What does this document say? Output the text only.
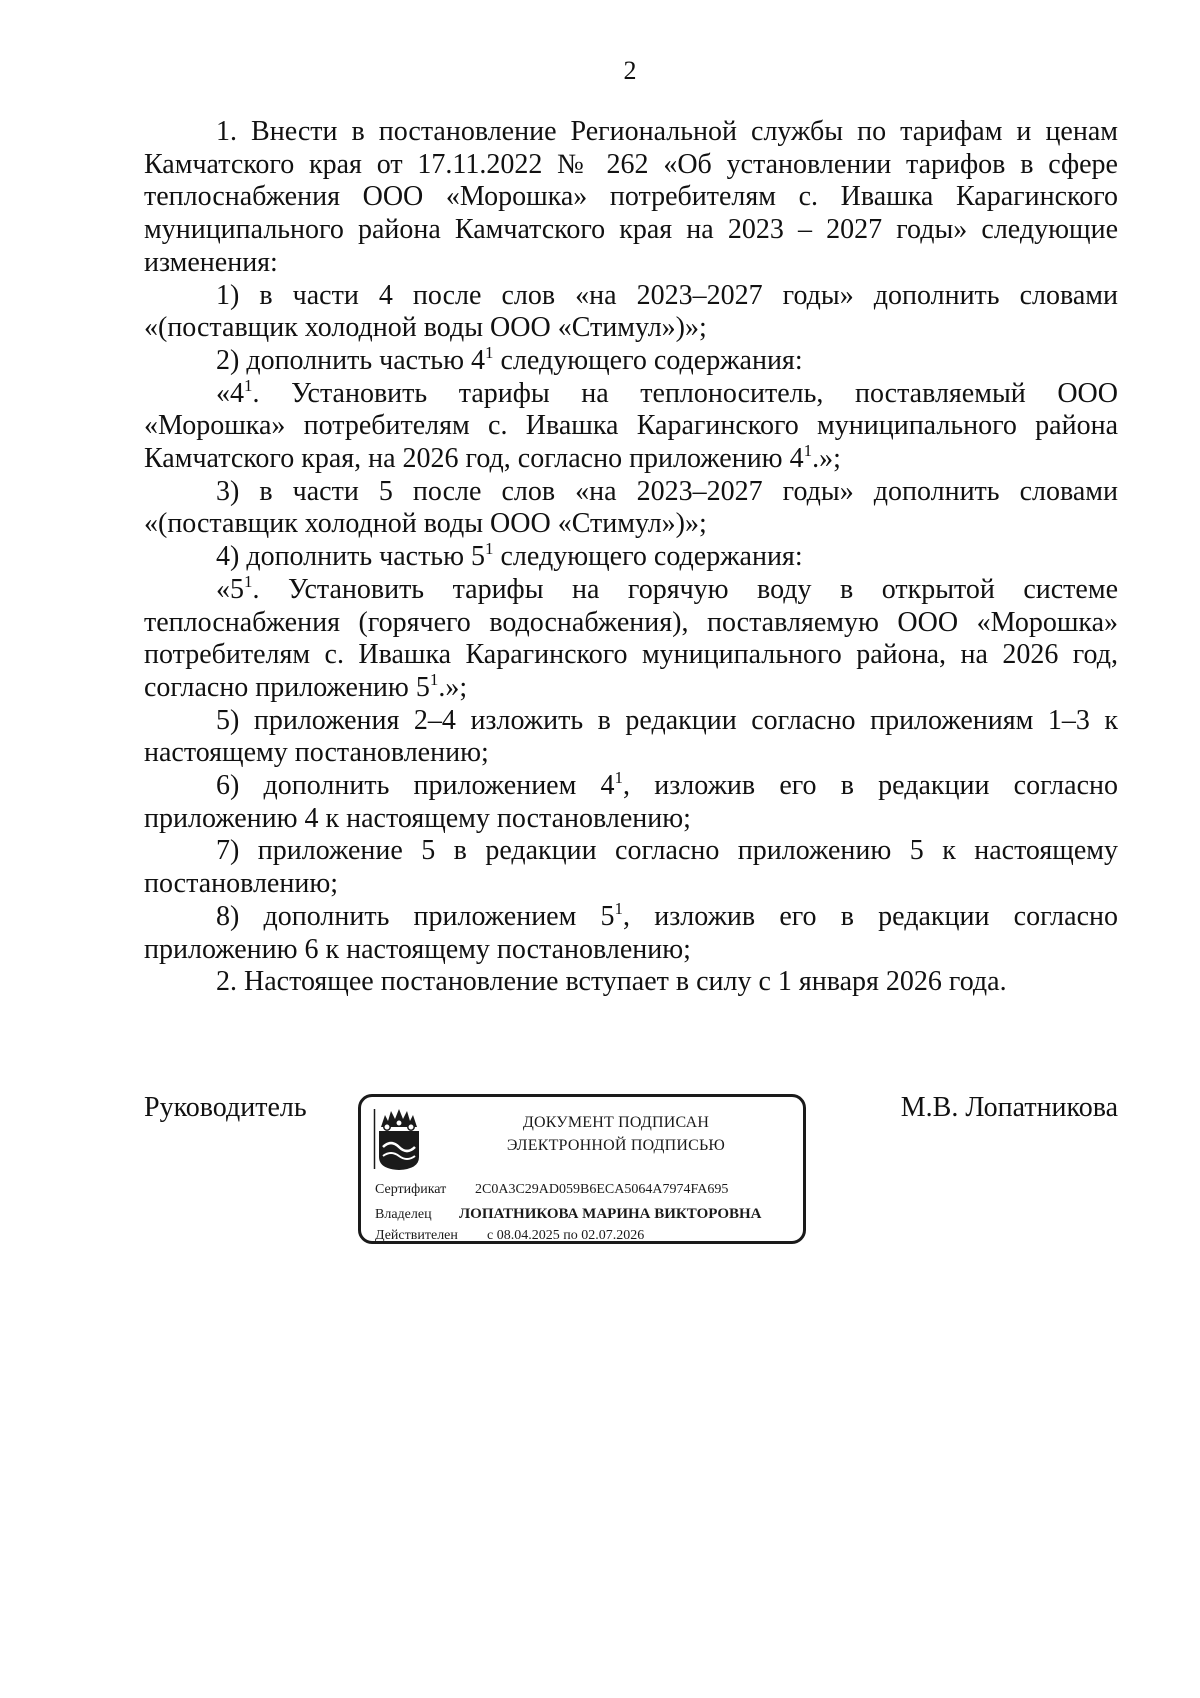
2

1. Внести в постановление Региональной службы по тарифам и ценам Камчатского края от 17.11.2022 № 262 «Об установлении тарифов в сфере теплоснабжения ООО «Морошка» потребителям с. Ивашка Карагинского муниципального района Камчатского края на 2023 – 2027 годы» следующие изменения:

1) в части 4 после слов «на 2023–2027 годы» дополнить словами «(поставщик холодной воды ООО «Стимул»)»;

2) дополнить частью $4^1$ следующего содержания:

«$4^1$. Установить тарифы на теплоноситель, поставляемый ООО «Морошка» потребителям с. Ивашка Карагинского муниципального района Камчатского края, на 2026 год, согласно приложению $4^1$.»;

3) в части 5 после слов «на 2023–2027 годы» дополнить словами «(поставщик холодной воды ООО «Стимул»)»;

4) дополнить частью $5^1$ следующего содержания:

«$5^1$. Установить тарифы на горячую воду в открытой системе теплоснабжения (горячего водоснабжения), поставляемую ООО «Морошка» потребителям с. Ивашка Карагинского муниципального района, на 2026 год, согласно приложению $5^1$.»;

5) приложения 2–4 изложить в редакции согласно приложениям 1–3 к настоящему постановлению;

6) дополнить приложением $4^1$, изложив его в редакции согласно приложению 4 к настоящему постановлению;

7) приложение 5 в редакции согласно приложению 5 к настоящему постановлению;

8) дополнить приложением $5^1$, изложив его в редакции согласно приложению 6 к настоящему постановлению;

2. Настоящее постановление вступает в силу с 1 января 2026 года.

Руководитель	М.В. Лопатникова
ДОКУМЕНТ ПОДПИСАН
ЭЛЕКТРОННОЙ ПОДПИСЬЮ
Сертификат 2C0A3C29AD059B6ECA5064A7974FA695
Владелец ЛОПАТНИКОВА МАРИНА ВИКТОРОВНА
Действителен с 08.04.2025 по 02.07.2026
